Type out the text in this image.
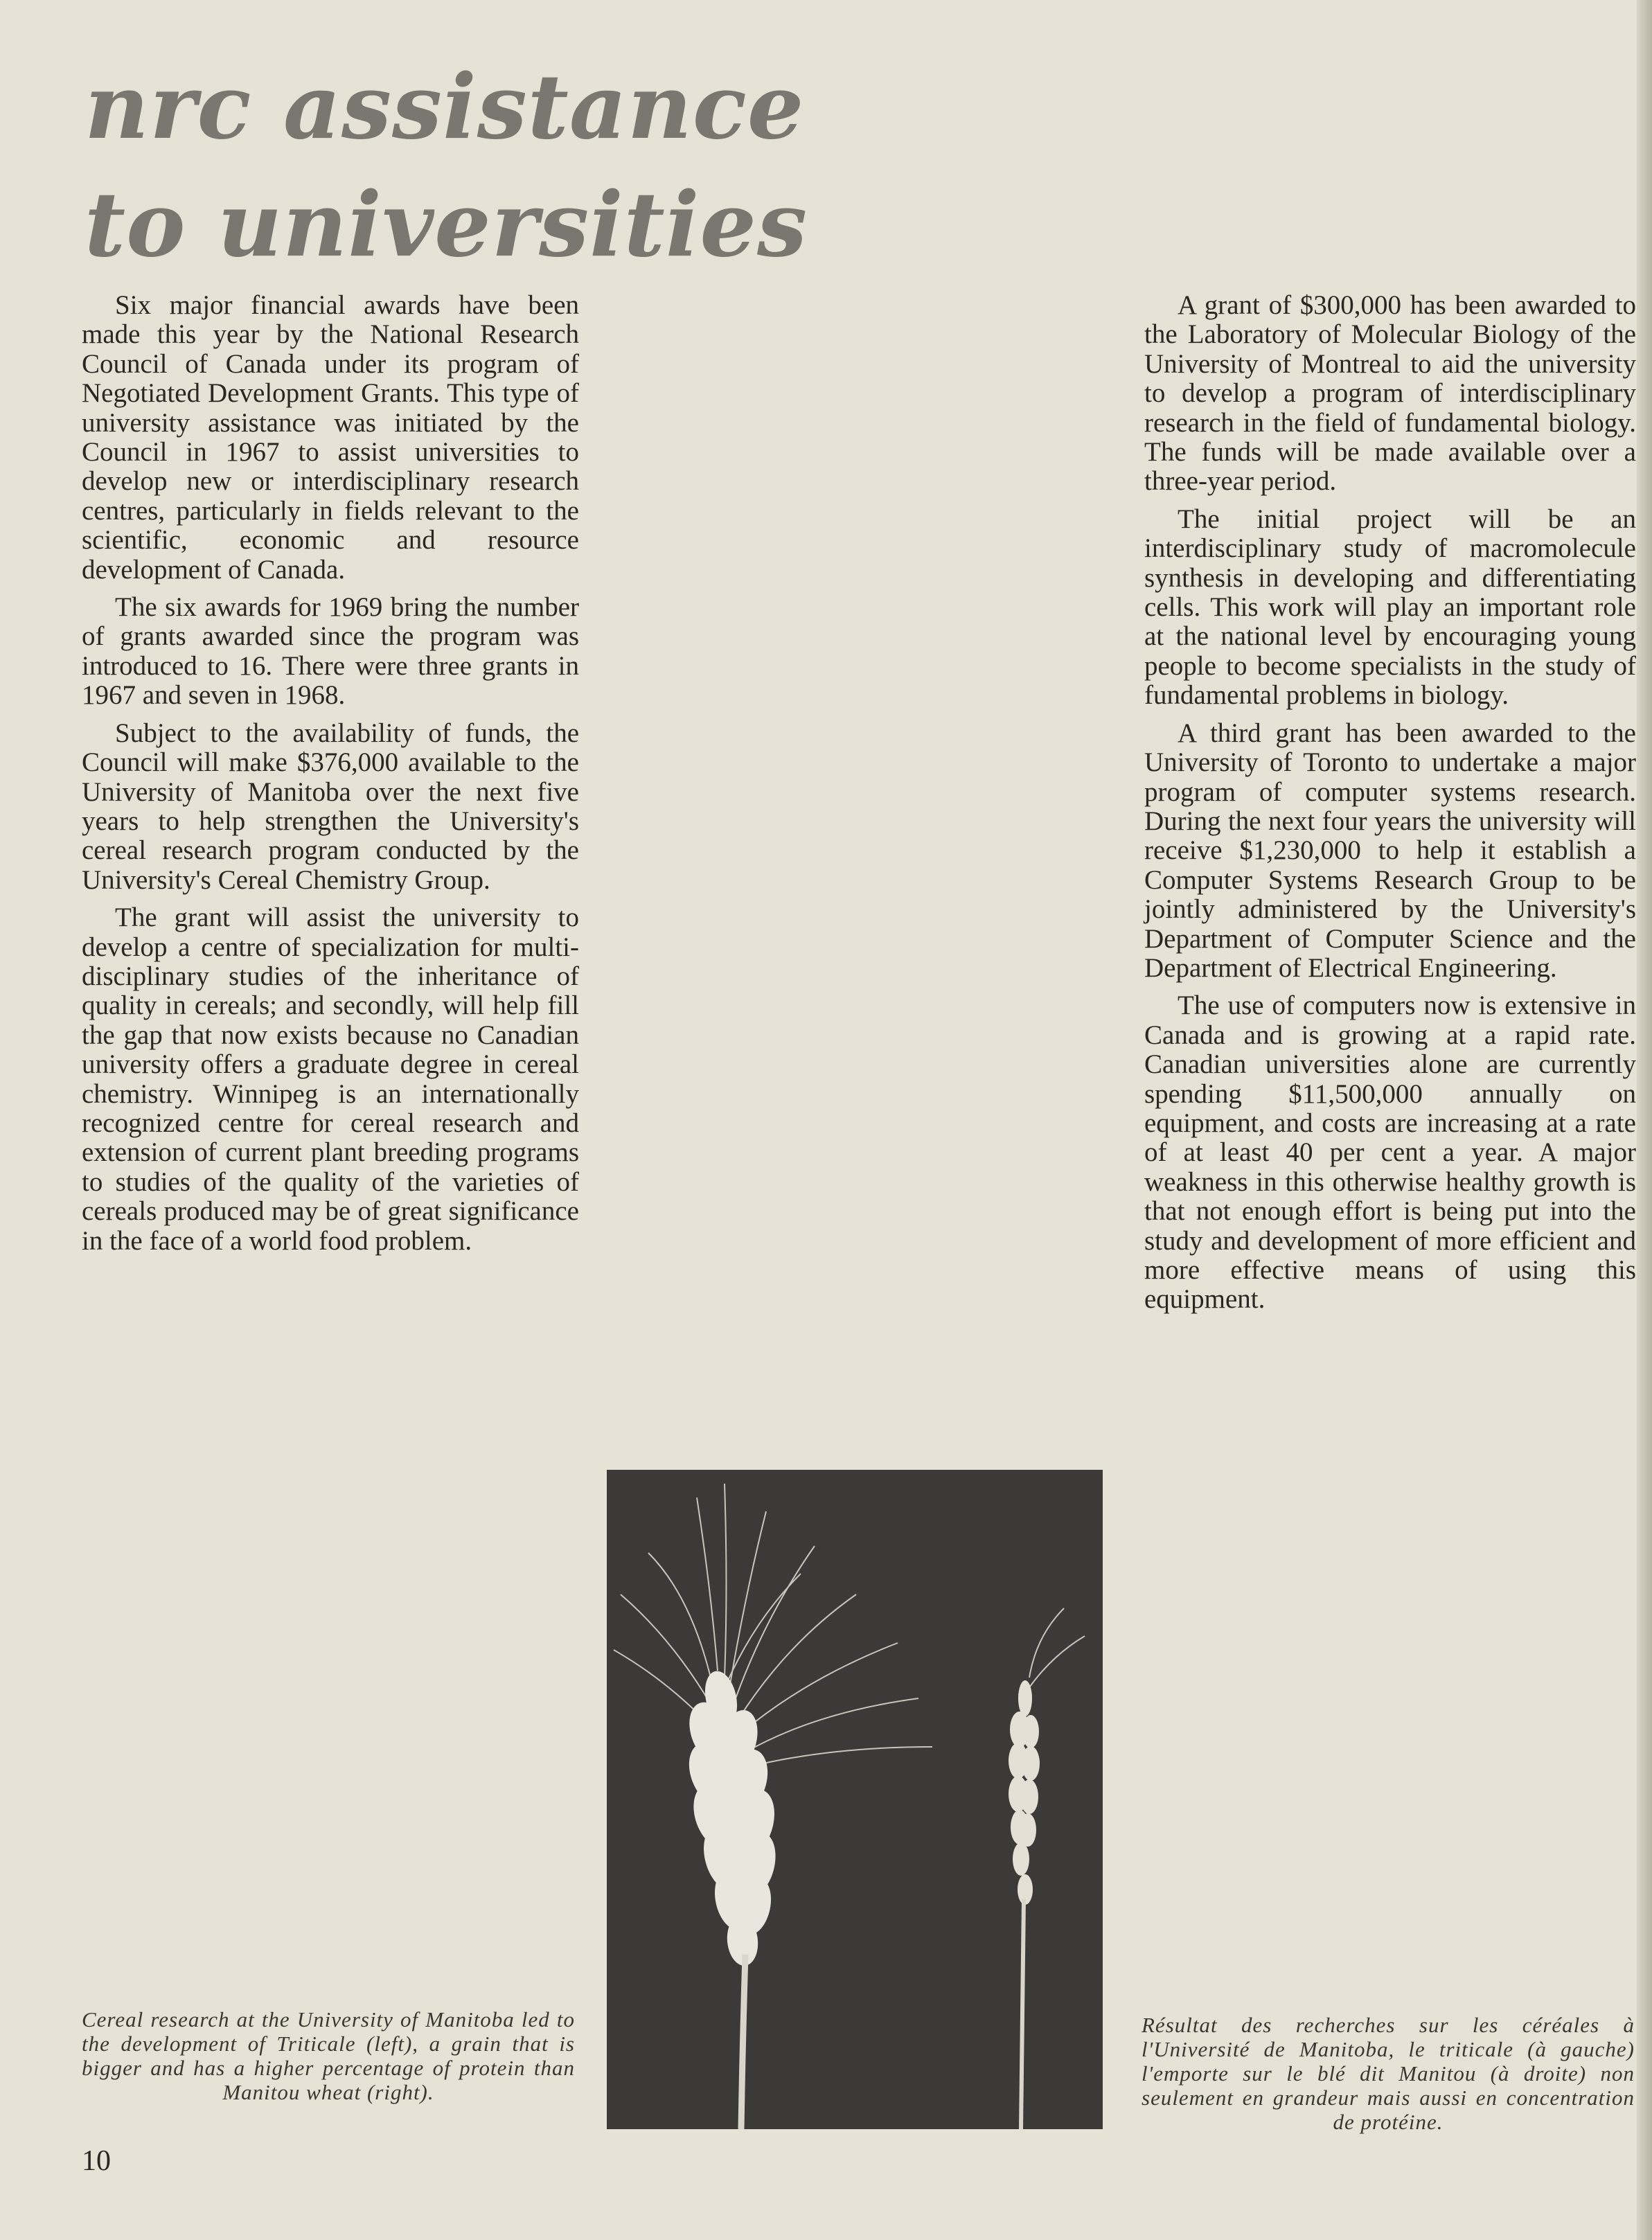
nrc assistance
to universities

Six major financial awards have been made this year by the National Research Council of Canada under its program of Negotiated Development Grants. This type of university assistance was initiated by the Council in 1967 to assist universities to develop new or interdisciplinary research centres, particularly in fields relevant to the scientific, economic and resource development of Canada.

The six awards for 1969 bring the number of grants awarded since the program was introduced to 16. There were three grants in 1967 and seven in 1968.

Subject to the availability of funds, the Council will make $376,000 available to the University of Manitoba over the next five years to help strengthen the University's cereal research program conducted by the University's Cereal Chemistry Group.

The grant will assist the university to develop a centre of specialization for multi-disciplinary studies of the inheritance of quality in cereals; and secondly, will help fill the gap that now exists because no Canadian university offers a graduate degree in cereal chemistry. Winnipeg is an internationally recognized centre for cereal research and extension of current plant breeding programs to studies of the quality of the varieties of cereals produced may be of great significance in the face of a world food problem.

A grant of $300,000 has been awarded to the Laboratory of Molecular Biology of the University of Montreal to aid the university to develop a program of interdisciplinary research in the field of fundamental biology. The funds will be made available over a three-year period.

The initial project will be an interdisciplinary study of macromolecule synthesis in developing and differentiating cells. This work will play an important role at the national level by encouraging young people to become specialists in the study of fundamental problems in biology.

A third grant has been awarded to the University of Toronto to undertake a major program of computer systems research. During the next four years the university will receive $1,230,000 to help it establish a Computer Systems Research Group to be jointly administered by the University's Department of Computer Science and the Department of Electrical Engineering.

The use of computers now is extensive in Canada and is growing at a rapid rate. Canadian universities alone are currently spending $11,500,000 annually on equipment, and costs are increasing at a rate of at least 40 per cent a year. A major weakness in this otherwise healthy growth is that not enough effort is being put into the study and development of more efficient and more effective means of using this equipment.

Cereal research at the University of Manitoba led to the development of Triticale (left), a grain that is bigger and has a higher percentage of protein than Manitou wheat (right).
Résultat des recherches sur les céréales à l'Université de Manitoba, le triticale (à gauche) l'emporte sur le blé dit Manitou (à droite) non seulement en grandeur mais aussi en concentration de protéine.
10
